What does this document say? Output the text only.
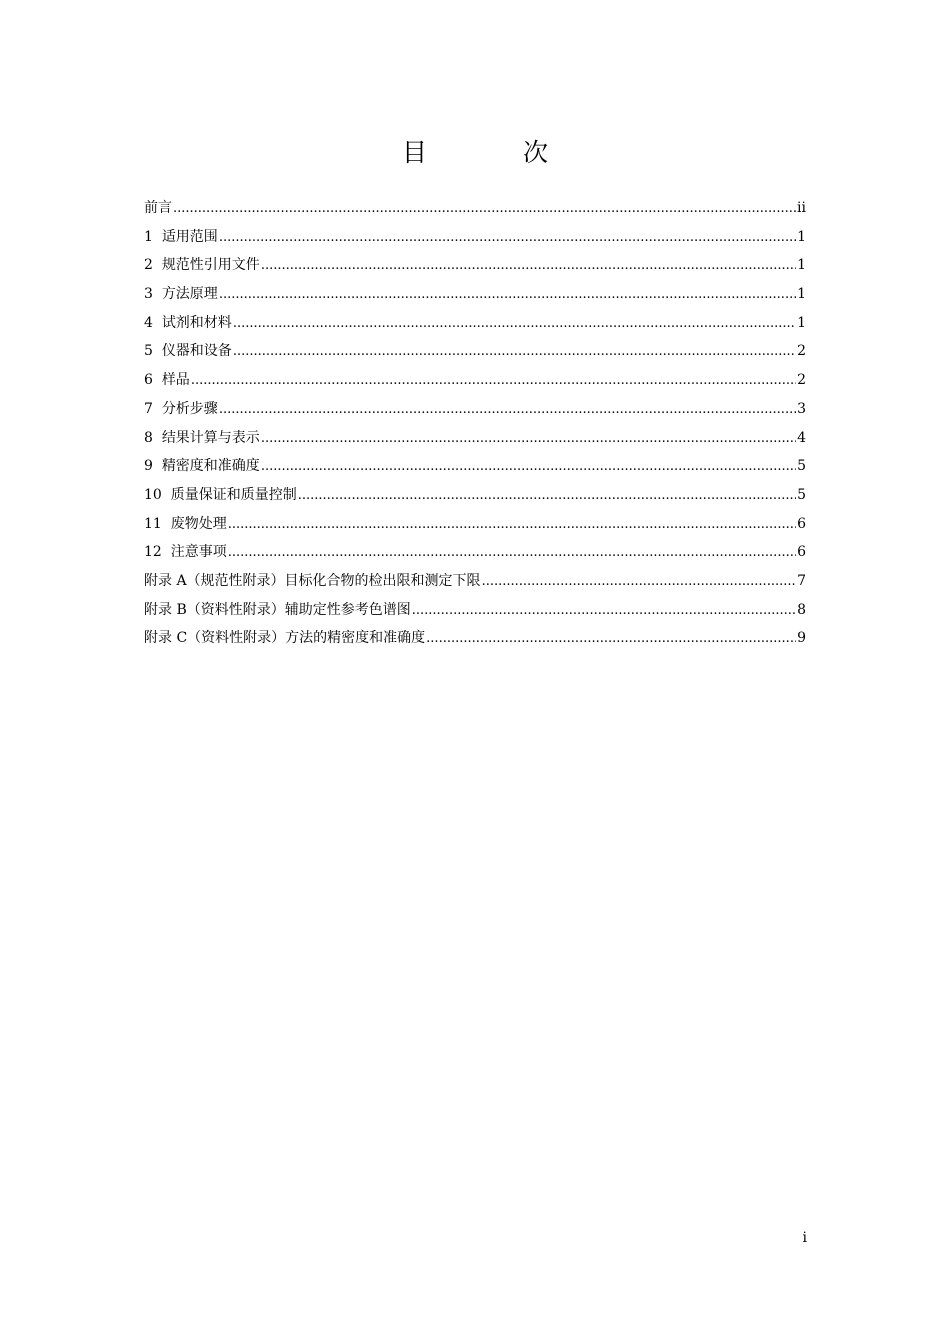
目 次
前言 .....	ii
1 适用范围 .....	1
2 规范性引用文件 .....	1
3 方法原理 .....	1
4 试剂和材料 .....	1
5 仪器和设备 .....	2
6 样品 .....	2
7 分析步骤 .....	3
8 结果计算与表示 .....	4
9 精密度和准确度 .....	5
10 质量保证和质量控制 .....	5
11 废物处理 .....	6
12 注意事项 .....	6
附录 A（规范性附录）目标化合物的检出限和测定下限 .....	7
附录 B（资料性附录）辅助定性参考色谱图 .....	8
附录 C（资料性附录）方法的精密度和准确度 .....	9
i
